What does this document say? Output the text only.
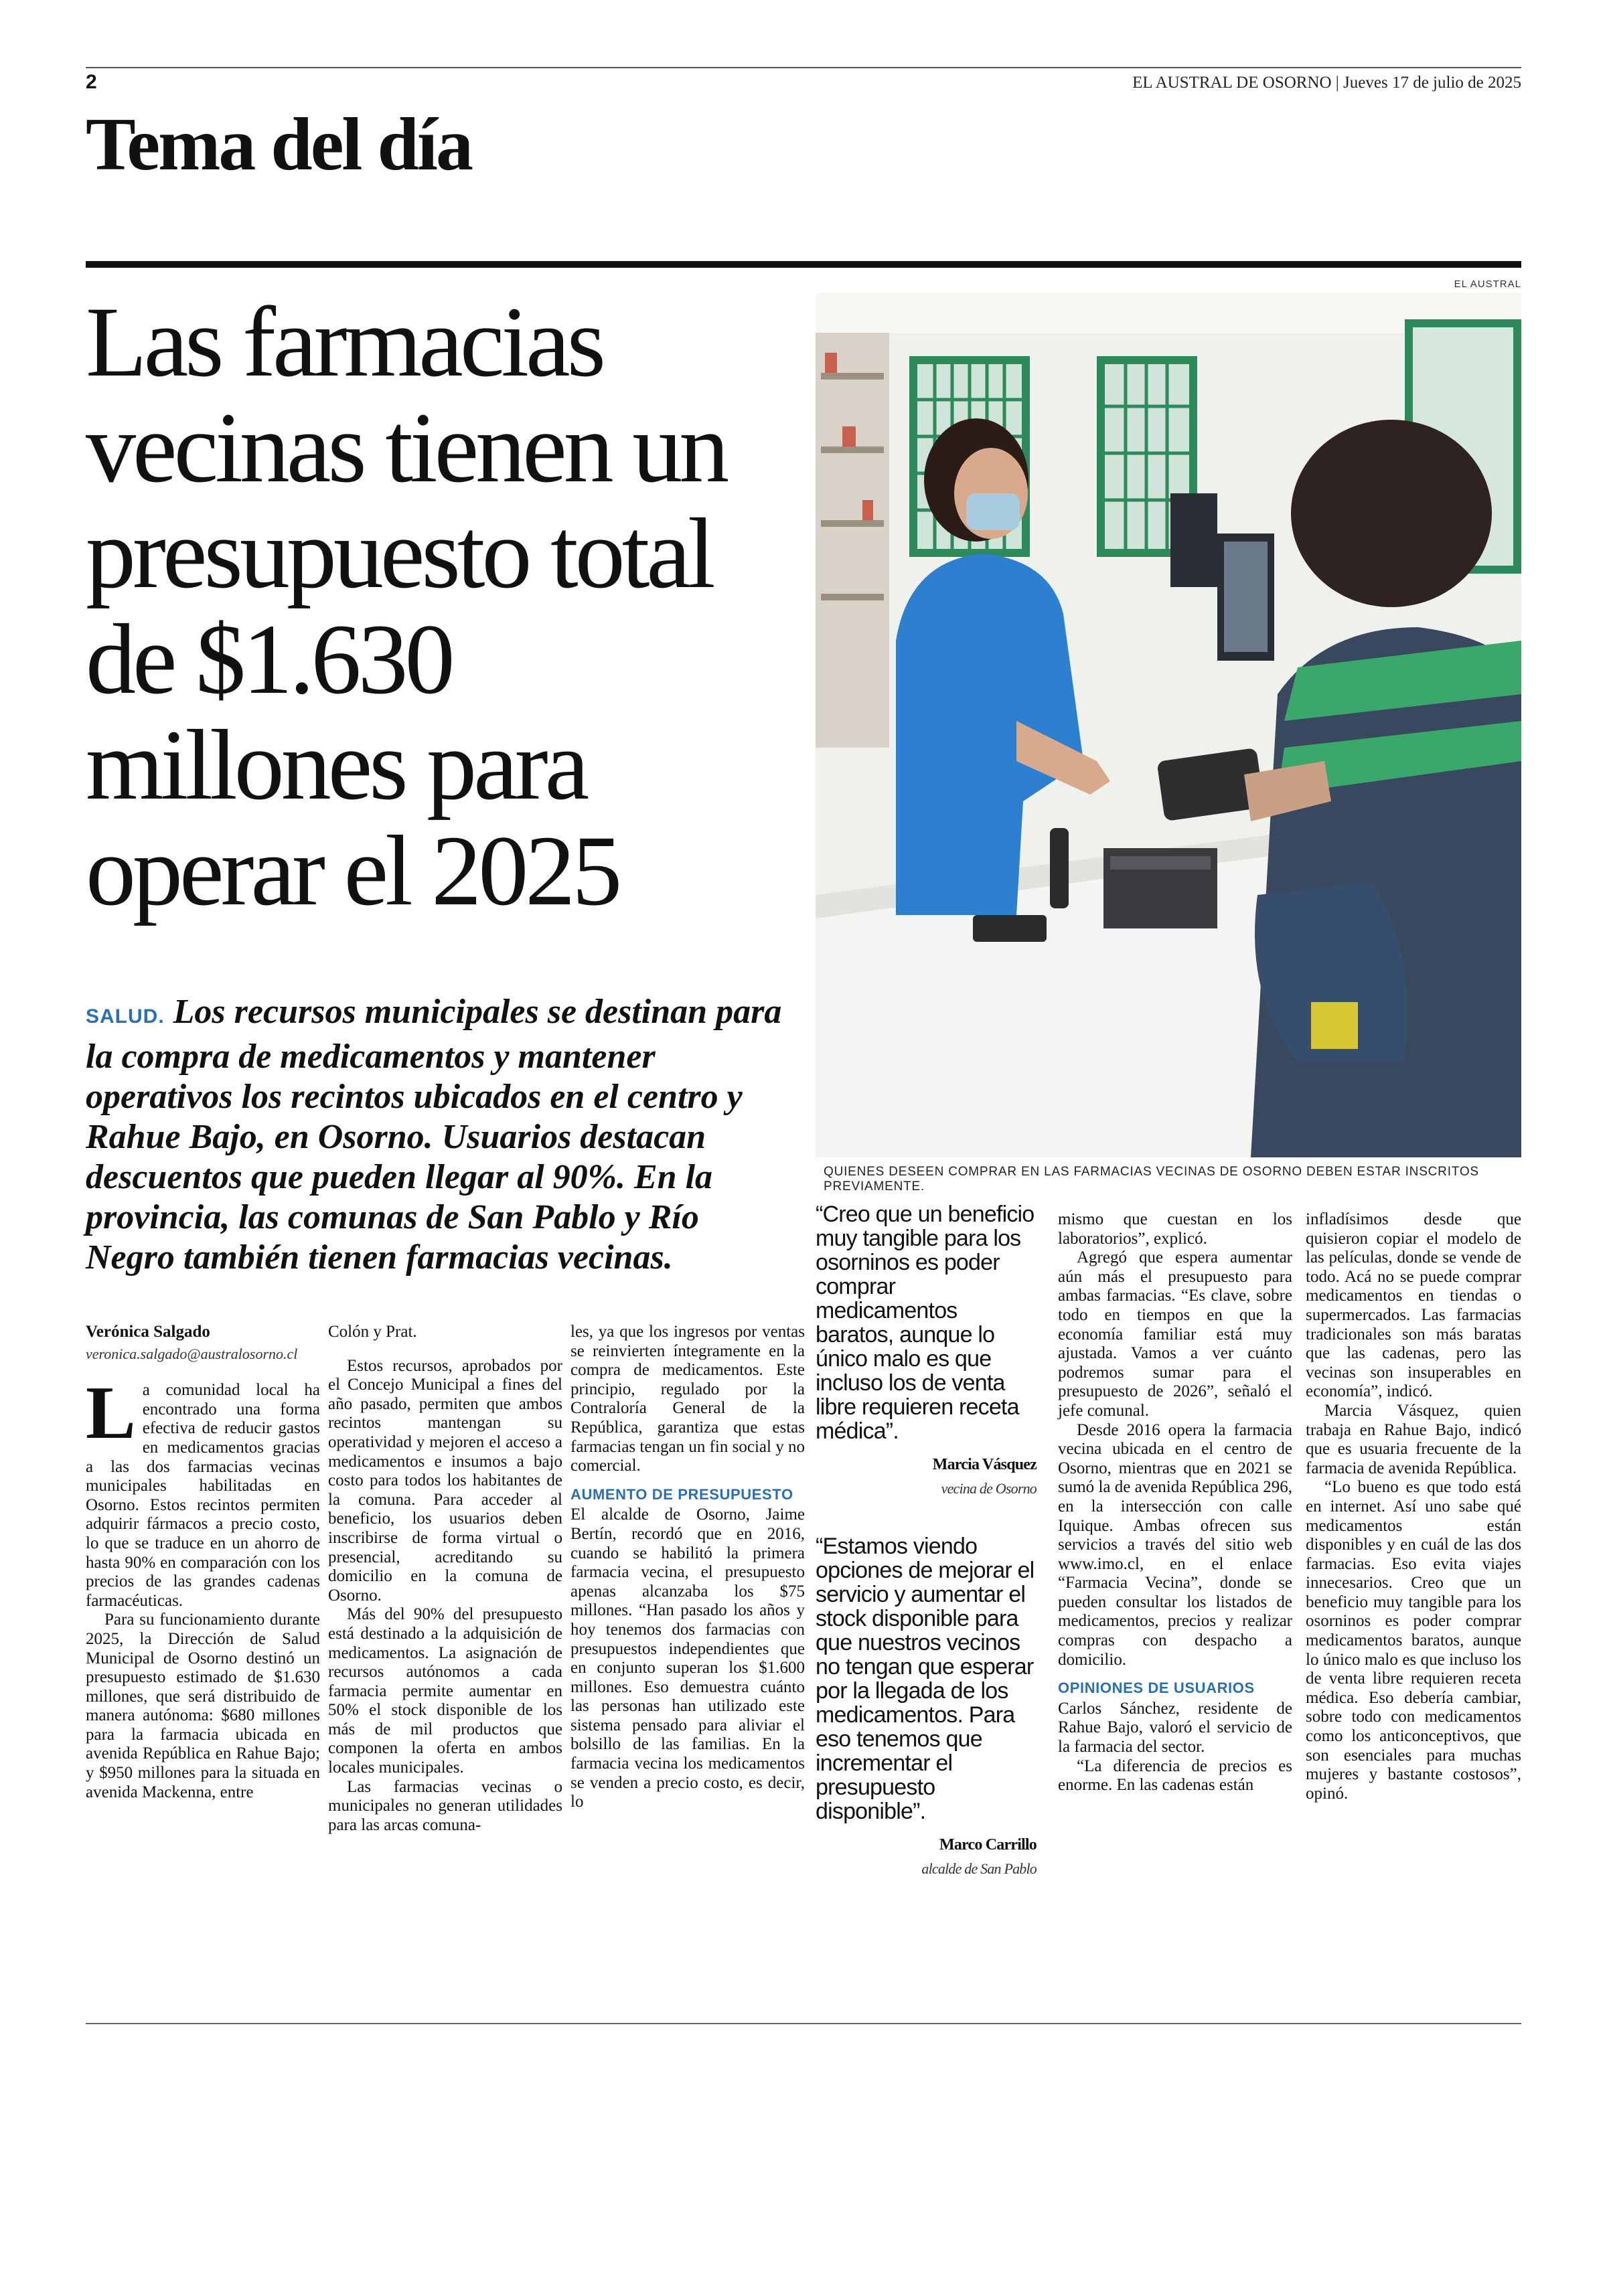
2	EL AUSTRAL DE OSORNO | Jueves 17 de julio de 2025
Tema del día
Las farmacias vecinas tienen un presupuesto total de $1.630 millones para operar el 2025
EL AUSTRAL
QUIENES DESEEN COMPRAR EN LAS FARMACIAS VECINAS DE OSORNO DEBEN ESTAR INSCRITOS PREVIAMENTE.
SALUD. Los recursos municipales se destinan para la compra de medicamentos y mantener operativos los recintos ubicados en el centro y Rahue Bajo, en Osorno. Usuarios destacan descuentos que pueden llegar al 90%. En la provincia, las comunas de San Pablo y Río Negro también tienen farmacias vecinas.
Verónica Salgado
veronica.salgado@australosorno.cl

La comunidad local ha encontrado una forma efectiva de reducir gastos en medicamentos gracias a las dos farmacias vecinas municipales habilitadas en Osorno. Estos recintos permiten adquirir fármacos a precio costo, lo que se traduce en un ahorro de hasta 90% en comparación con los precios de las grandes cadenas farmacéuticas.

Para su funcionamiento durante 2025, la Dirección de Salud Municipal de Osorno destinó un presupuesto estimado de $1.630 millones, que será distribuido de manera autónoma: $680 millones para la farmacia ubicada en avenida República en Rahue Bajo; y $950 millones para la situada en avenida Mackenna, entre

Colón y Prat.

Estos recursos, aprobados por el Concejo Municipal a fines del año pasado, permiten que ambos recintos mantengan su operatividad y mejoren el acceso a medicamentos e insumos a bajo costo para todos los habitantes de la comuna. Para acceder al beneficio, los usuarios deben inscribirse de forma virtual o presencial, acreditando su domicilio en la comuna de Osorno.

Más del 90% del presupuesto está destinado a la adquisición de medicamentos. La asignación de recursos autónomos a cada farmacia permite aumentar en 50% el stock disponible de los más de mil productos que componen la oferta en ambos locales municipales.

Las farmacias vecinas o municipales no generan utilidades para las arcas comuna-

les, ya que los ingresos por ventas se reinvierten íntegramente en la compra de medicamentos. Este principio, regulado por la Contraloría General de la República, garantiza que estas farmacias tengan un fin social y no comercial.

AUMENTO DE PRESUPUESTO

El alcalde de Osorno, Jaime Bertín, recordó que en 2016, cuando se habilitó la primera farmacia vecina, el presupuesto apenas alcanzaba los $75 millones. “Han pasado los años y hoy tenemos dos farmacias con presupuestos independientes que en conjunto superan los $1.600 millones. Eso demuestra cuánto las personas han utilizado este sistema pensado para aliviar el bolsillo de las familias. En la farmacia vecina los medicamentos se venden a precio costo, es decir, lo

“Creo que un beneficio muy tangible para los osorninos es poder comprar medicamentos baratos, aunque lo único malo es que incluso los de venta libre requieren receta médica”.
Marcia Vásquez
vecina de Osorno
“Estamos viendo opciones de mejorar el servicio y aumentar el stock disponible para que nuestros vecinos no tengan que esperar por la llegada de los medicamentos. Para eso tenemos que incrementar el presupuesto disponible”.
Marco Carrillo
alcalde de San Pablo

mismo que cuestan en los laboratorios”, explicó.

Agregó que espera aumentar aún más el presupuesto para ambas farmacias. “Es clave, sobre todo en tiempos en que la economía familiar está muy ajustada. Vamos a ver cuánto podremos sumar para el presupuesto de 2026”, señaló el jefe comunal.

Desde 2016 opera la farmacia vecina ubicada en el centro de Osorno, mientras que en 2021 se sumó la de avenida República 296, en la intersección con calle Iquique. Ambas ofrecen sus servicios a través del sitio web www.imo.cl, en el enlace “Farmacia Vecina”, donde se pueden consultar los listados de medicamentos, precios y realizar compras con despacho a domicilio.

OPINIONES DE USUARIOS

Carlos Sánchez, residente de Rahue Bajo, valoró el servicio de la farmacia del sector.

“La diferencia de precios es enorme. En las cadenas están

infladísimos desde que quisieron copiar el modelo de las películas, donde se vende de todo. Acá no se puede comprar medicamentos en tiendas o supermercados. Las farmacias tradicionales son más baratas que las cadenas, pero las vecinas son insuperables en economía”, indicó.

Marcia Vásquez, quien trabaja en Rahue Bajo, indicó que es usuaria frecuente de la farmacia de avenida República.

“Lo bueno es que todo está en internet. Así uno sabe qué medicamentos están disponibles y en cuál de las dos farmacias. Eso evita viajes innecesarios. Creo que un beneficio muy tangible para los osorninos es poder comprar medicamentos baratos, aunque lo único malo es que incluso los de venta libre requieren receta médica. Eso debería cambiar, sobre todo con medicamentos como los anticonceptivos, que son esenciales para muchas mujeres y bastante costosos”, opinó.
